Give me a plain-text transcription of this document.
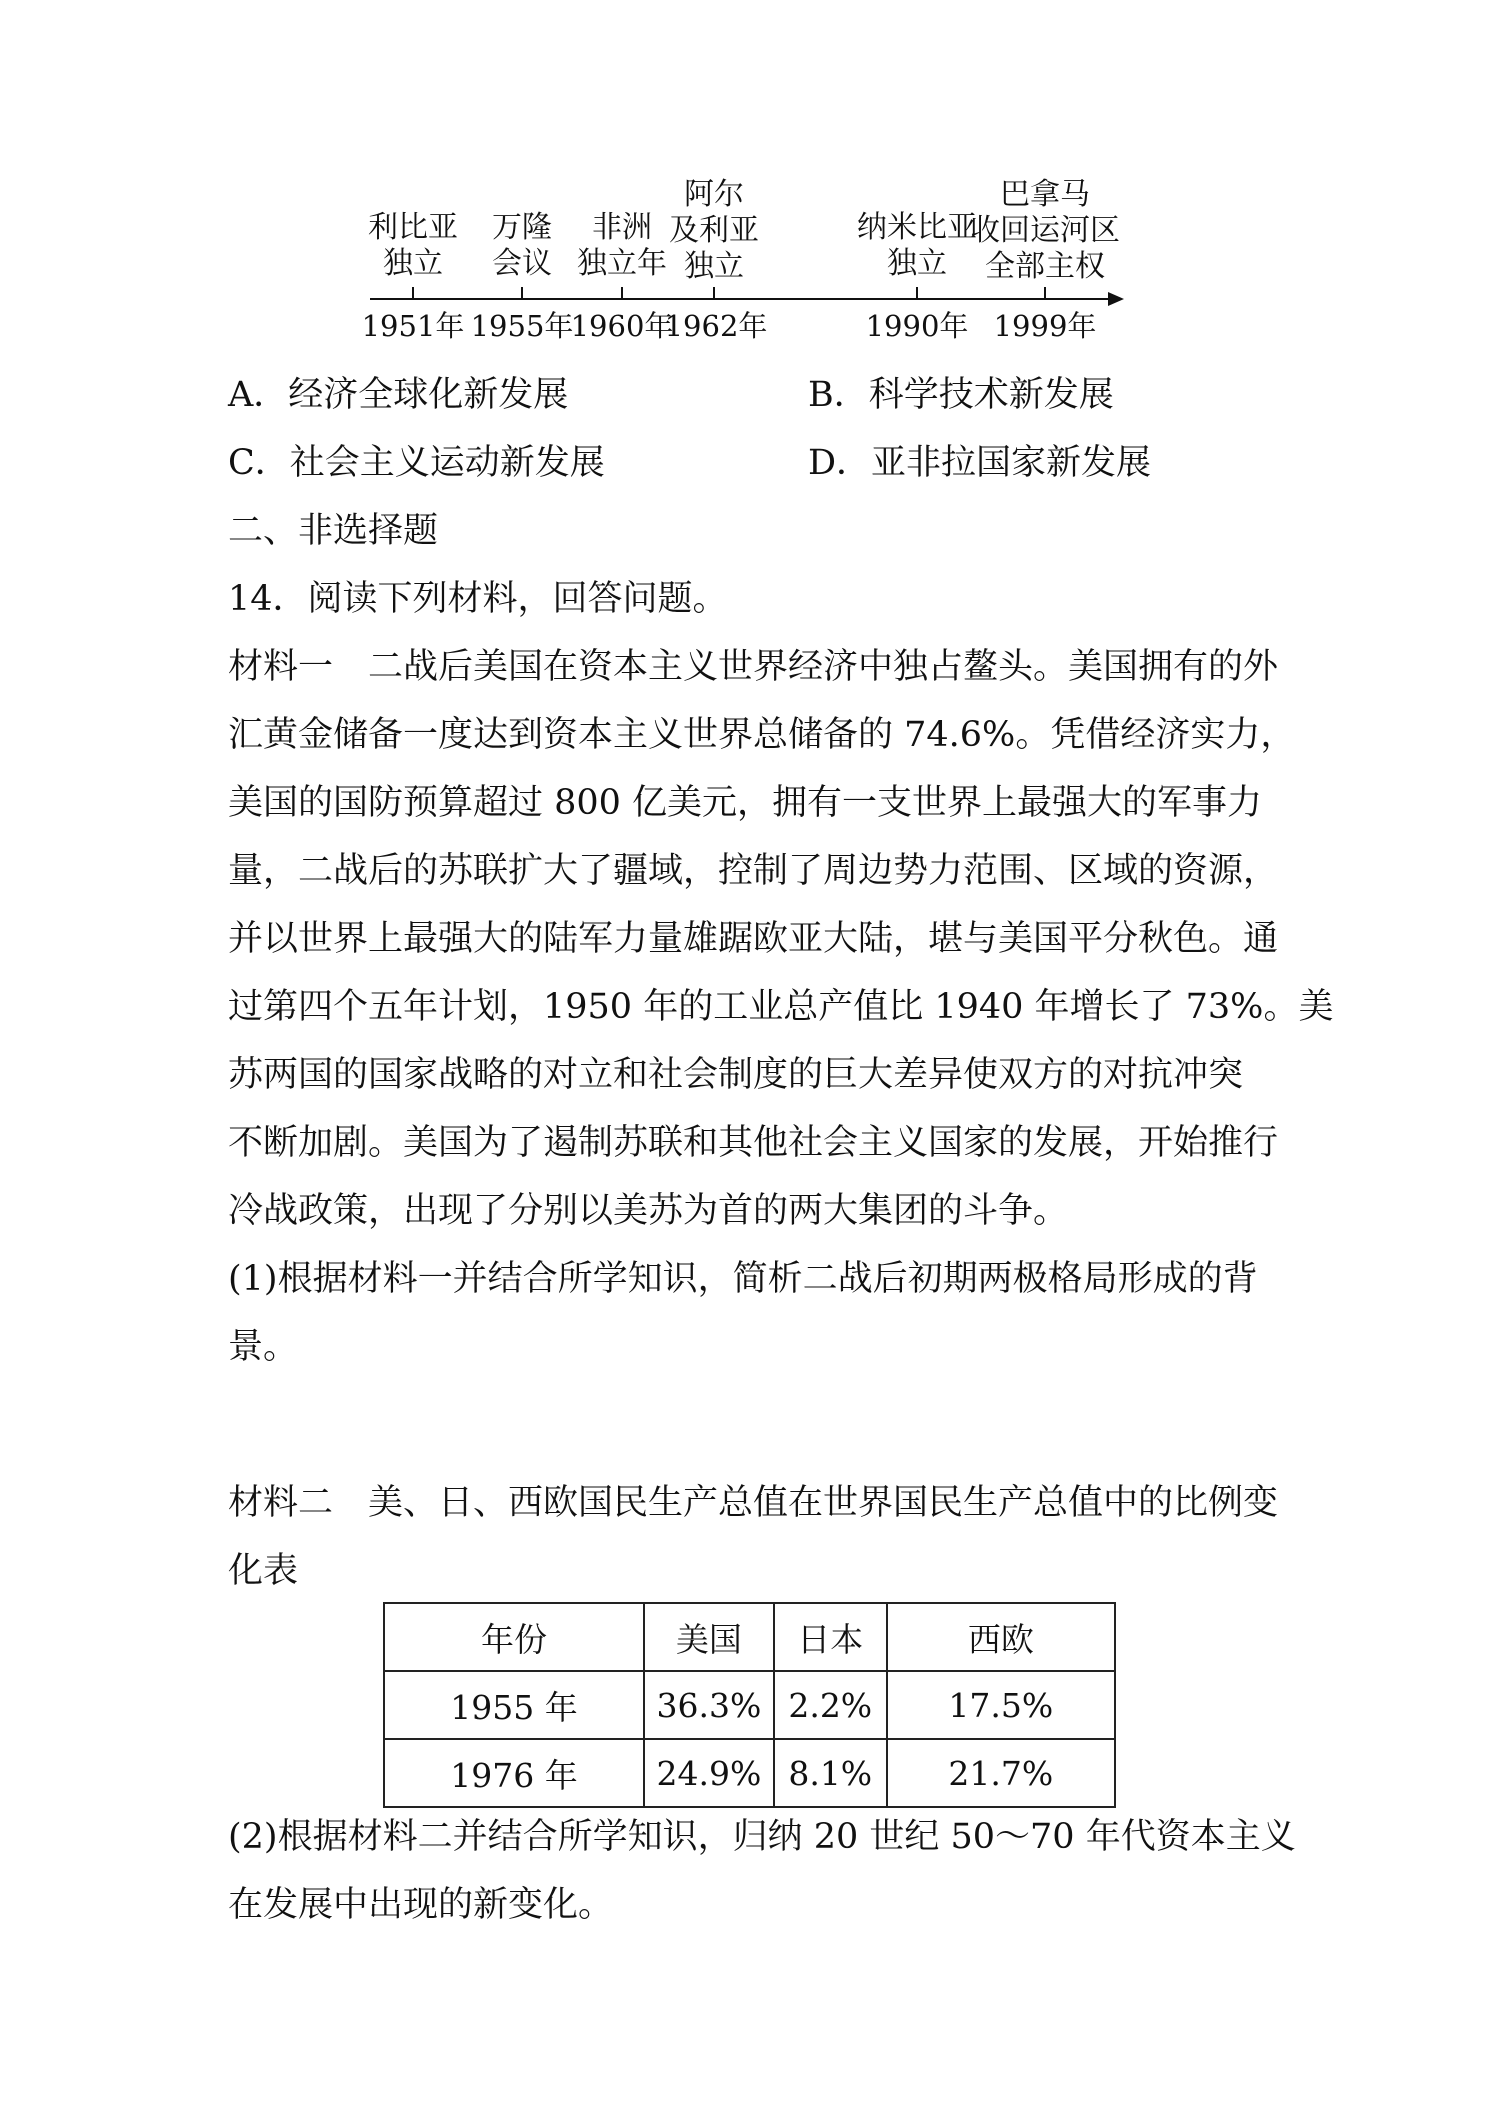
利比亚
独立
万隆
会议
非洲
独立年
阿尔
及利亚
独立
纳米比亚
独立
巴拿马
收回运河区
全部主权
1951年 1955年
1960年
1962年	1990年 1999年
A．经济全球化新发展	B．科学技术新发展
C．社会主义运动新发展	D．亚非拉国家新发展
二、非选择题
14．阅读下列材料，回答问题。
材料一　二战后美国在资本主义世界经济中独占鳌头。美国拥有的外
汇黄金储备一度达到资本主义世界总储备的 74.6%。凭借经济实力，
美国的国防预算超过 800 亿美元，拥有一支世界上最强大的军事力
量，二战后的苏联扩大了疆域，控制了周边势力范围、区域的资源，
并以世界上最强大的陆军力量雄踞欧亚大陆，堪与美国平分秋色。通
过第四个五年计划，1950 年的工业总产值比 1940 年增长了 73%。美
苏两国的国家战略的对立和社会制度的巨大差异使双方的对抗冲突
不断加剧。美国为了遏制苏联和其他社会主义国家的发展，开始推行
冷战政策，出现了分别以美苏为首的两大集团的斗争。
(1)根据材料一并结合所学知识，简析二战后初期两极格局形成的背
景。
材料二　美、日、西欧国民生产总值在世界国民生产总值中的比例变
化表
年份	美国	日本	西欧
1955 年	36.3%	2.2%	17.5%
1976 年	24.9%	8.1%	21.7%
(2)根据材料二并结合所学知识，归纳 20 世纪 50～70 年代资本主义
在发展中出现的新变化。
